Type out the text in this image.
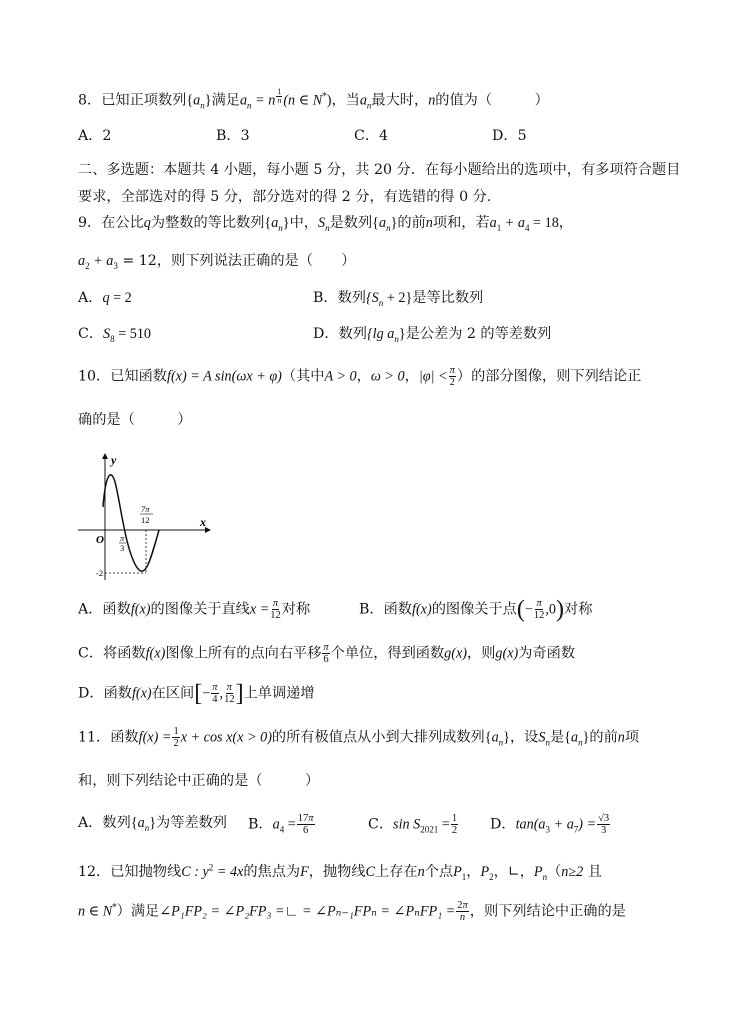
8．已知正项数列$\{a_n\}$满足$a_n = n$ $^{\frac{1}{n}}$ (n ∈ N*)，当$a_n$最大时，n的值为（　　　）
A．2	B．3	C．4	D．5
二、多选题：本题共 4 小题，每小题 5 分，共 20 分．在每小题给出的选项中，有多项符合题目
要求，全部选对的得 5 分，部分选对的得 2 分，有选错的得 0 分.
9．在公比q为整数的等比数列$\{a_n\}$中，$S_n$是数列$\{a_n\}$的前n项和，若$a_1 + a_4 = 18$，
$a_2 + a_3 = 12$，则下列说法正确的是（　　）
A．q = 2	B．数列$\{S_n + 2\}$是等比数列
C．$S_8 = 510$	D．数列{lg $a_n$}是公差为 2 的等差数列
10．已知函数f(x) = A sin(ωx + φ)（其中A > 0，ω > 0，$|\varphi| < \frac{\pi}{2}$ ）的部分图像，则下列结论正
确的是（　　　）
y
x
O π
3
7π
12
-2
A．函数f(x)的图像关于直线$x = \frac{\pi}{12}$ 对称	B．函数f(x)的图像关于点(− $\frac{\pi}{12} ,0$)对称
C．将函数f(x)图像上所有的点向右平移 $\frac{\pi}{6}$ 个单位，得到函数g(x)，则g(x)为奇函数
D．函数f(x)在区间[− $\frac{\pi}{4}$ , $\frac{\pi}{12}$ ]上单调递增
11．函数$f(x) = \frac{1}{2}$ x + cos x(x > 0)的所有极值点从小到大排列成数列$\{a_n\}$，设$S_n$是$\{a_n\}$的前n项
和，则下列结论中正确的是（　　　）
A．数列$\{a_n\}$为等差数列 B．$a_4 = \frac{17\pi}{6}$	C．$\sin S_{2021} = \frac{1}{2}$ D．$\tan(a_3 + a_7) = \frac{√3}{3}$
12．已知抛物线C : $y^2 = 4x$的焦点为F，抛物线C上存在n个点$P_1$，$P_2$，∟，$P_n(n\ge 2$ 且
n ∈ N*）满足∠P₁FP₂ = ∠P₂FP₃ =∟ = ∠Pₙ₋₁FPₙ = ∠PₙFP₁ = $\frac{2\pi}{n}$ ，则下列结论中正确的是
